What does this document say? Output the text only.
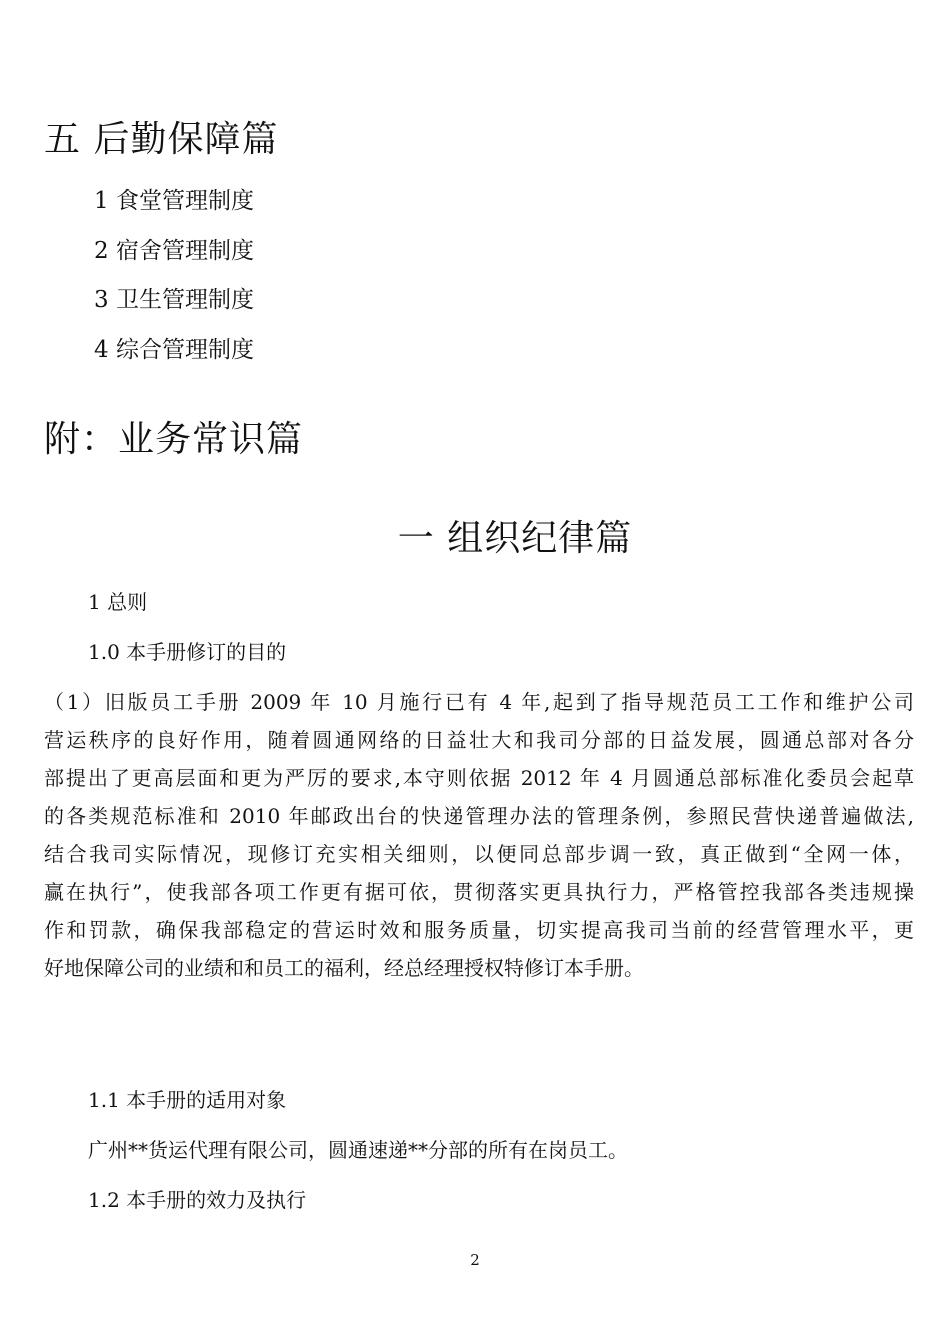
五 后勤保障篇
1 食堂管理制度
2 宿舍管理制度
3 卫生管理制度
4 综合管理制度
附：业务常识篇
一 组织纪律篇
1 总则
1.0 本手册修订的目的
（1）旧版员工手册 2009 年 10 月施行已有 4 年,起到了指导规范员工工作和维护公司
营运秩序的良好作用，随着圆通网络的日益壮大和我司分部的日益发展，圆通总部对各分
部提出了更高层面和更为严厉的要求,本守则依据 2012 年 4 月圆通总部标准化委员会起草
的各类规范标准和 2010 年邮政出台的快递管理办法的管理条例，参照民营快递普遍做法,
结合我司实际情况，现修订充实相关细则，以便同总部步调一致，真正做到“全网一体，
赢在执行”，使我部各项工作更有据可依，贯彻落实更具执行力，严格管控我部各类违规操
作和罚款，确保我部稳定的营运时效和服务质量，切实提高我司当前的经营管理水平，更
好地保障公司的业绩和和员工的福利，经总经理授权特修订本手册。
1.1 本手册的适用对象
广州**货运代理有限公司，圆通速递**分部的所有在岗员工。
1.2 本手册的效力及执行
2
